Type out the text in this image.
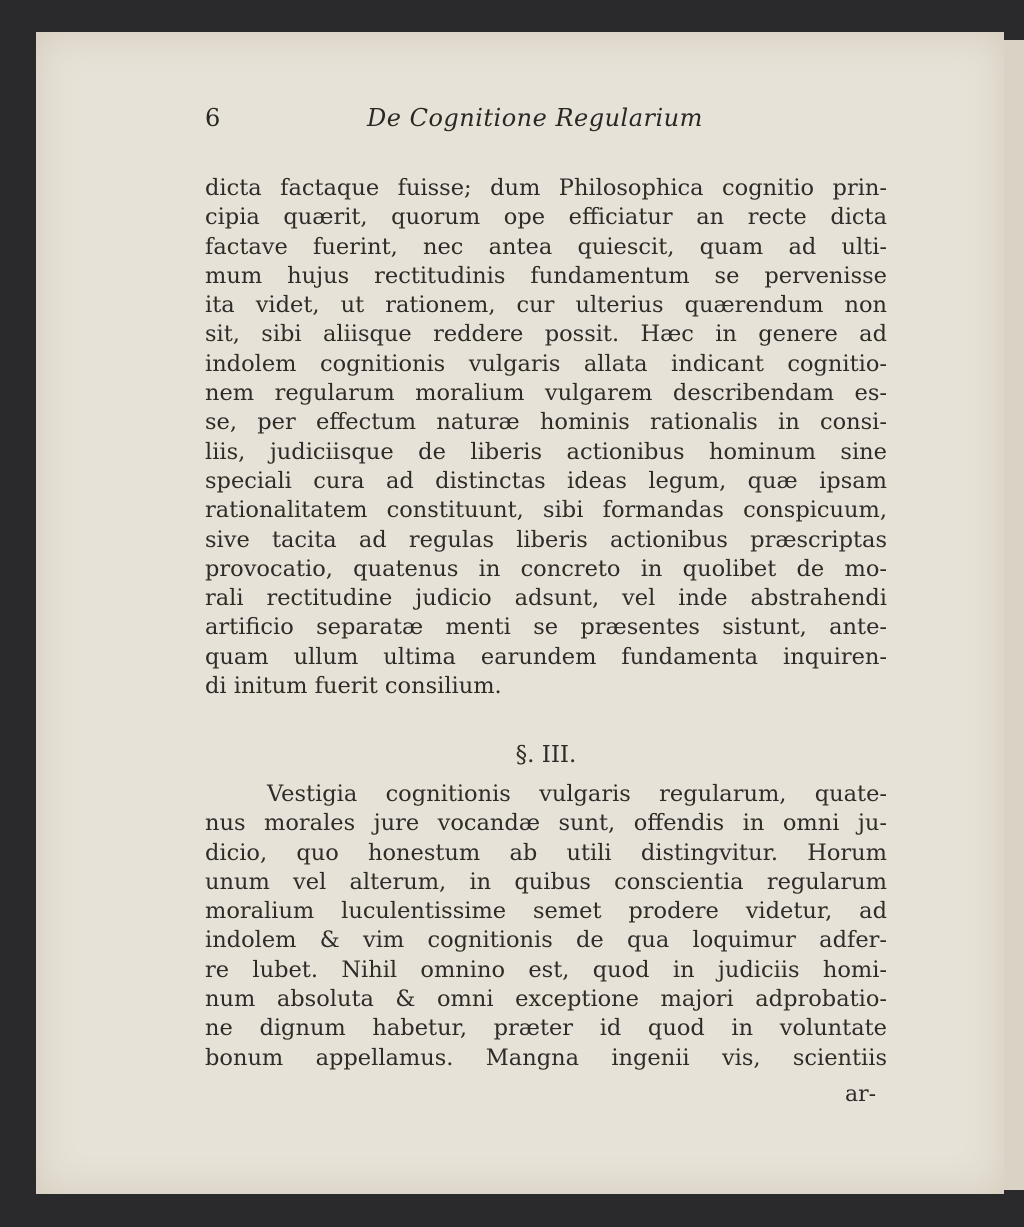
6	De Cognitione Regularium
dicta factaque fuisse; dum Philosophica cognitio prin-
cipia quærit, quorum ope efficiatur an recte dicta
factave fuerint, nec antea quiescit, quam ad ulti-
mum hujus rectitudinis fundamentum se pervenisse
ita videt, ut rationem, cur ulterius quærendum non
sit, sibi aliisque reddere possit. Hæc in genere ad
indolem cognitionis vulgaris allata indicant cognitio-
nem regularum moralium vulgarem describendam es-
se, per effectum naturæ hominis rationalis in consi-
liis, judiciisque de liberis actionibus hominum sine
speciali cura ad distinctas ideas legum, quæ ipsam
rationalitatem constituunt, sibi formandas conspicuum,
sive tacita ad regulas liberis actionibus præscriptas
provocatio, quatenus in concreto in quolibet de mo-
rali rectitudine judicio adsunt, vel inde abstrahendi
artificio separatæ menti se præsentes sistunt, ante-
quam ullum ultima earundem fundamenta inquiren-
di initum fuerit consilium.
§. III.
Vestigia cognitionis vulgaris regularum, quate-
nus morales jure vocandæ sunt, offendis in omni ju-
dicio, quo honestum ab utili distingvitur. Horum
unum vel alterum, in quibus conscientia regularum
moralium luculentissime semet prodere videtur, ad
indolem & vim cognitionis de qua loquimur adfer-
re lubet. Nihil omnino est, quod in judiciis homi-
num absoluta & omni exceptione majori adprobatio-
ne dignum habetur, præter id quod in voluntate
bonum appellamus. Mangna ingenii vis, scientiis
ar-
